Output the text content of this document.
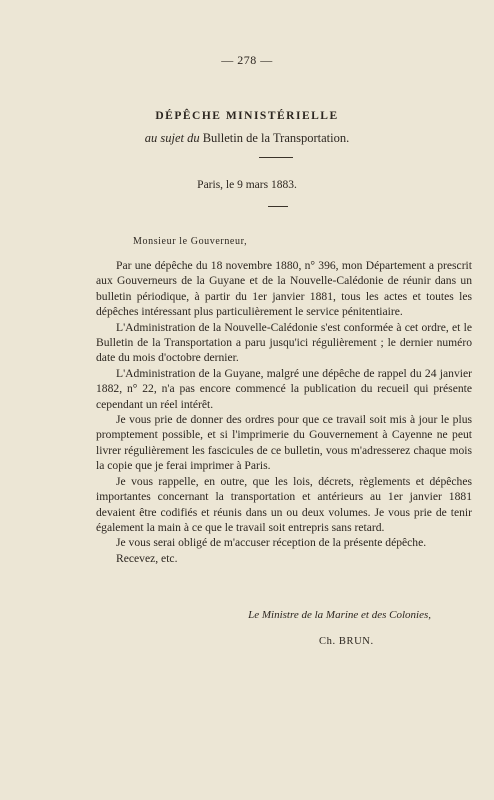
— 278 —
DÉPÊCHE MINISTÉRIELLE
au sujet du Bulletin de la Transportation.
Paris, le 9 mars 1883.
Monsieur le Gouverneur,

Par une dépêche du 18 novembre 1880, n° 396, mon Département a prescrit aux Gouverneurs de la Guyane et de la Nouvelle-Calédonie de réunir dans un bulletin périodique, à partir du 1er janvier 1881, tous les actes et toutes les dépêches intéressant plus particulièrement le service pénitentiaire.

L'Administration de la Nouvelle-Calédonie s'est conformée à cet ordre, et le Bulletin de la Transportation a paru jusqu'ici régulièrement ; le dernier numéro date du mois d'octobre dernier.

L'Administration de la Guyane, malgré une dépêche de rappel du 24 janvier 1882, n° 22, n'a pas encore commencé la publication du recueil qui présente cependant un réel intérêt.

Je vous prie de donner des ordres pour que ce travail soit mis à jour le plus promptement possible, et si l'imprimerie du Gouvernement à Cayenne ne peut livrer régulièrement les fascicules de ce bulletin, vous m'adresserez chaque mois la copie que je ferai imprimer à Paris.

Je vous rappelle, en outre, que les lois, décrets, règlements et dépêches importantes concernant la transportation et antérieurs au 1er janvier 1881 devaient être codifiés et réunis dans un ou deux volumes. Je vous prie de tenir également la main à ce que le travail soit entrepris sans retard.

Je vous serai obligé de m'accuser réception de la présente dépêche.

Recevez, etc.

Le Ministre de la Marine et des Colonies,
Ch. BRUN.
